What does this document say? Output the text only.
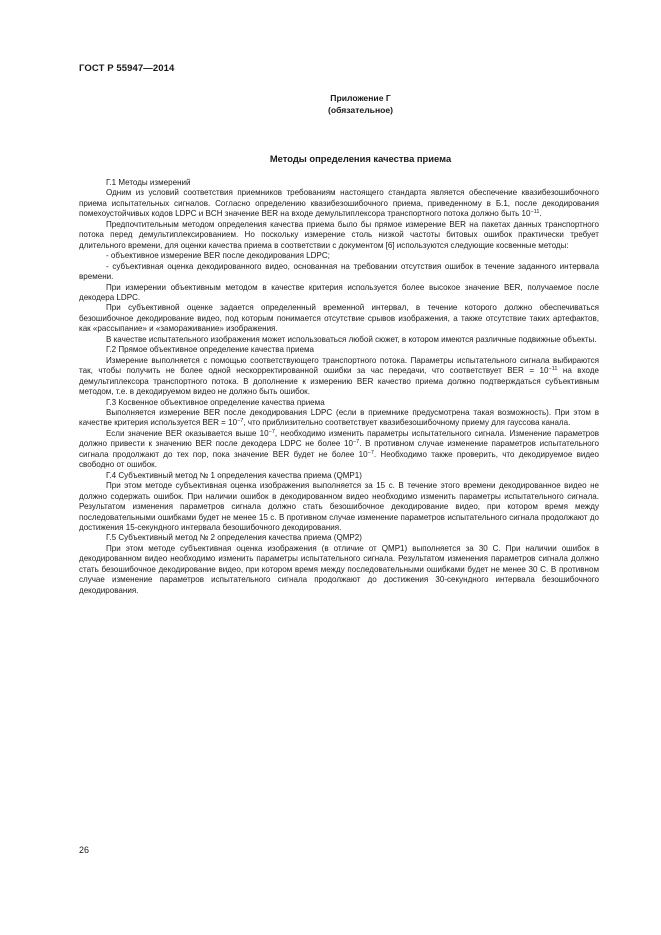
ГОСТ Р 55947—2014
Приложение Г
(обязательное)
Методы определения качества приема

Г.1 Методы измерений

Одним из условий соответствия приемников требованиям настоящего стандарта является обеспечение квазибезошибочного приема испытательных сигналов. Согласно определению квазибезошибочного приема, приведенному в Б.1, после декодирования помехоустойчивых кодов LDPC и BCH значение BER на входе демультиплексора транспортного потока должно быть $10^{-11}$.

Предпочтительным методом определения качества приема было бы прямое измерение BER на пакетах данных транспортного потока перед демультиплексированием. Но поскольку измерение столь низкой частоты битовых ошибок практически требует длительного времени, для оценки качества приема в соответствии с документом [6] используются следующие косвенные методы:

- объективное измерение BER после декодирования LDPC;

- субъективная оценка декодированного видео, основанная на требовании отсутствия ошибок в течение заданного интервала времени.

При измерении объективным методом в качестве критерия используется более высокое значение BER, получаемое после декодера LDPC.

При субъективной оценке задается определенный временной интервал, в течение которого должно обеспечиваться безошибочное декодирование видео, под которым понимается отсутствие срывов изображения, а также отсутствие таких артефактов, как «рассыпание» и «замораживание» изображения.

В качестве испытательного изображения может использоваться любой сюжет, в котором имеются различные подвижные объекты.

Г.2 Прямое объективное определение качества приема

Измерение выполняется с помощью соответствующего транспортного потока. Параметры испытательного сигнала выбираются так, чтобы получить не более одной нескорректированной ошибки за час передачи, что соответствует BER = $10^{-11}$ на входе демультиплексора транспортного потока. В дополнение к измерению BER качество приема должно подтверждаться субъективным методом, т.е. в декодируемом видео не должно быть ошибок.

Г.3 Косвенное объективное определение качества приема

Выполняется измерение BER после декодирования LDPC (если в приемнике предусмотрена такая возможность). При этом в качестве критерия используется BER = $10^{-7}$, что приблизительно соответствует квазибезошибочному приему для гауссова канала.

Если значение BER оказывается выше $10^{-7}$, необходимо изменить параметры испытательного сигнала. Изменение параметров должно привести к значению BER после декодера LDPC не более $10^{-7}$. В противном случае изменение параметров испытательного сигнала продолжают до тех пор, пока значение BER будет не более $10^{-7}$. Необходимо также проверить, что декодируемое видео свободно от ошибок.

Г.4 Субъективный метод № 1 определения качества приема (QMP1)

При этом методе субъективная оценка изображения выполняется за 15 с. В течение этого времени декодированное видео не должно содержать ошибок. При наличии ошибок в декодированном видео необходимо изменить параметры испытательного сигнала. Результатом изменения параметров сигнала должно стать безошибочное декодирование видео, при котором время между последовательными ошибками будет не менее 15 с. В противном случае изменение параметров испытательного сигнала продолжают до достижения 15-секундного интервала безошибочного декодирования.

Г.5 Субъективный метод № 2 определения качества приема (QMP2)

При этом методе субъективная оценка изображения (в отличие от QMP1) выполняется за 30 С. При наличии ошибок в декодированном видео необходимо изменить параметры испытательного сигнала. Результатом изменения параметров сигнала должно стать безошибочное декодирование видео, при котором время между последовательными ошибками будет не менее 30 С. В противном случае изменение параметров испытательного сигнала продолжают до достижения 30-секундного интервала безошибочного декодирования.

26
